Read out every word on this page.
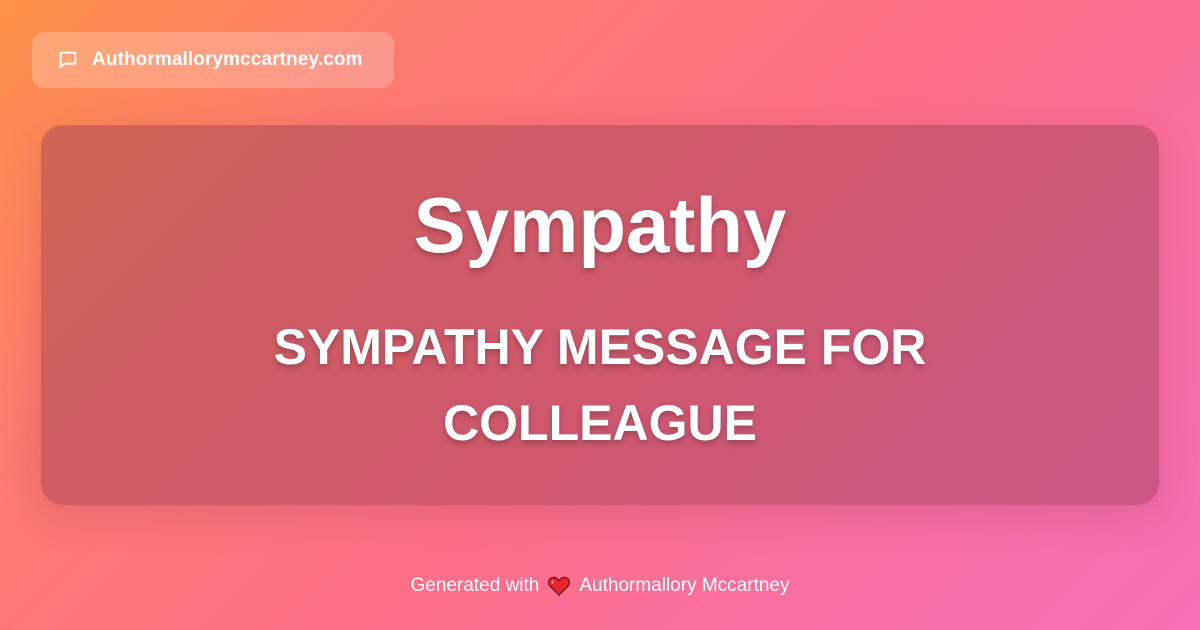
Authormallorymccartney.com
Sympathy
SYMPATHY MESSAGE FOR COLLEAGUE
Generated with Authormallory Mccartney
